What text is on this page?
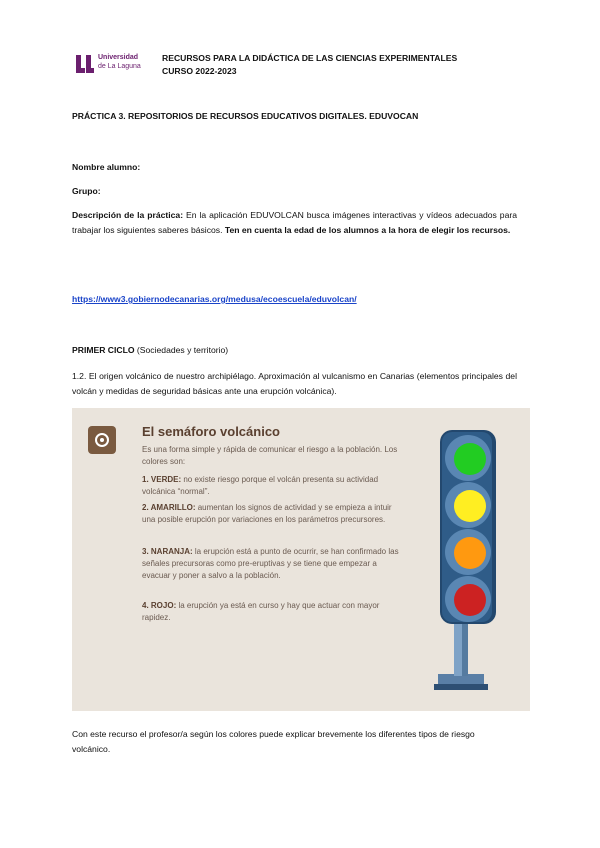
Universidad
de La Laguna
RECURSOS PARA LA DIDÁCTICA DE LAS CIENCIAS EXPERIMENTALES
CURSO 2022-2023
PRÁCTICA 3. REPOSITORIOS DE RECURSOS EDUCATIVOS DIGITALES. EDUVOCAN
Nombre alumno:
Grupo:
Descripción de la práctica: En la aplicación EDUVOLCAN busca imágenes interactivas y vídeos adecuados para trabajar los siguientes saberes básicos. Ten en cuenta la edad de los alumnos a la hora de elegir los recursos.
https://www3.gobiernodecanarias.org/medusa/ecoescuela/eduvolcan/
PRIMER CICLO (Sociedades y territorio)
1.2. El origen volcánico de nuestro archipiélago. Aproximación al vulcanismo en Canarias (elementos principales del volcán y medidas de seguridad básicas ante una erupción volcánica).
El semáforo volcánico
Es una forma simple y rápida de comunicar el riesgo a la población. Los colores son:
1. VERDE: no existe riesgo porque el volcán presenta su actividad volcánica “normal”.
2. AMARILLO: aumentan los signos de actividad y se empieza a intuir una posible erupción por variaciones en los parámetros precursores.
3. NARANJA: la erupción está a punto de ocurrir, se han confirmado las señales precursoras como pre-eruptivas y se tiene que empezar a evacuar y poner a salvo a la población.
4. ROJO: la erupción ya está en curso y hay que actuar con mayor rapidez.
Con este recurso el profesor/a según los colores puede explicar brevemente los diferentes tipos de riesgo volcánico.
